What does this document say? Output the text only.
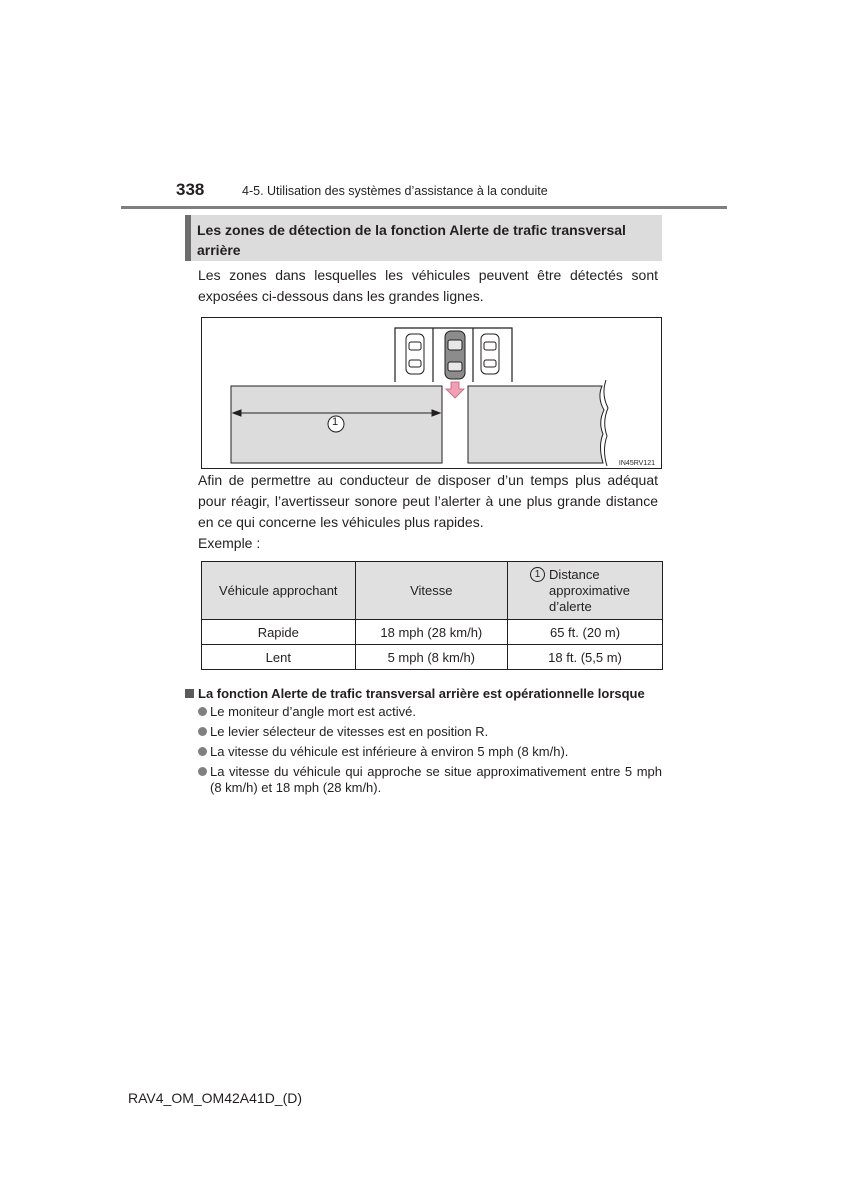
338	4-5. Utilisation des systèmes d’assistance à la conduite
Les zones de détection de la fonction Alerte de trafic transversal arrière
Les zones dans lesquelles les véhicules peuvent être détectés sont exposées ci-dessous dans les grandes lignes.
1
IN45RV121
Afin de permettre au conducteur de disposer d’un temps plus adéquat pour réagir, l’avertisseur sonore peut l’alerter à une plus grande distance en ce qui concerne les véhicules plus rapides.
Exemple :
Véhicule approchant	Vitesse	1 Distance approximative d’alerte

Rapide	18 mph (28 km/h)	65 ft. (20 m)
Lent	5 mph (8 km/h)	18 ft. (5,5 m)
La fonction Alerte de trafic transversal arrière est opérationnelle lorsque
Le moniteur d’angle mort est activé.
Le levier sélecteur de vitesses est en position R.
La vitesse du véhicule est inférieure à environ 5 mph (8 km/h).
La vitesse du véhicule qui approche se situe approximativement entre 5 mph (8 km/h) et 18 mph (28 km/h).
RAV4_OM_OM42A41D_(D)
